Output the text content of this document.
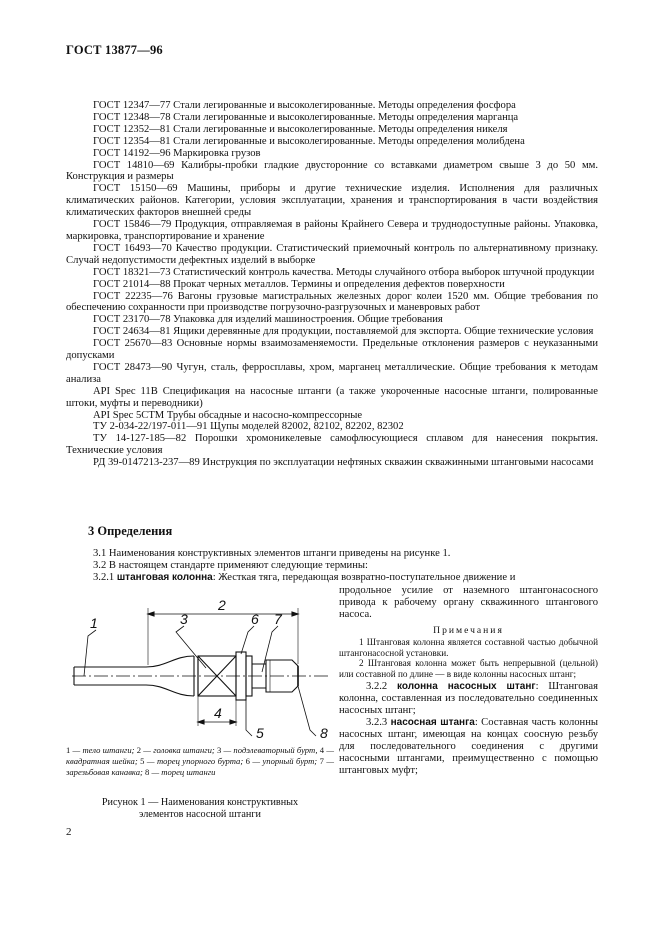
ГОСТ 13877—96

ГОСТ 12347—77 Стали легированные и высоколегированные. Методы определения фосфора

ГОСТ 12348—78 Стали легированные и высоколегированные. Методы определения марганца

ГОСТ 12352—81 Стали легированные и высоколегированные. Методы определения никеля

ГОСТ 12354—81 Стали легированные и высоколегированные. Методы определения молибдена

ГОСТ 14192—96 Маркировка грузов

ГОСТ 14810—69 Калибры-пробки гладкие двусторонние со вставками диаметром свыше 3 до 50 мм. Конструкция и размеры

ГОСТ 15150—69 Машины, приборы и другие технические изделия. Исполнения для различных климатических районов. Категории, условия эксплуатации, хранения и транспортирования в части воздействия климатических факторов внешней среды

ГОСТ 15846—79 Продукция, отправляемая в районы Крайнего Севера и труднодоступные районы. Упаковка, маркировка, транспортирование и хранение

ГОСТ 16493—70 Качество продукции. Статистический приемочный контроль по альтернативному признаку. Случай недопустимости дефектных изделий в выборке

ГОСТ 18321—73 Статистический контроль качества. Методы случайного отбора выборок штучной продукции

ГОСТ 21014—88 Прокат черных металлов. Термины и определения дефектов поверхности

ГОСТ 22235—76 Вагоны грузовые магистральных железных дорог колеи 1520 мм. Общие требования по обеспечению сохранности при производстве погрузочно-разгрузочных и маневровых работ

ГОСТ 23170—78 Упаковка для изделий машиностроения. Общие требования

ГОСТ 24634—81 Ящики деревянные для продукции, поставляемой для экспорта. Общие технические условия

ГОСТ 25670—83 Основные нормы взаимозаменяемости. Предельные отклонения размеров с неуказанными допусками

ГОСТ 28473—90 Чугун, сталь, ферросплавы, хром, марганец металлические. Общие требования к методам анализа

API Spec 11B Спецификация на насосные штанги (а также укороченные насосные штанги, полированные штоки, муфты и переводники)

API Spec 5CTM Трубы обсадные и насосно-компрессорные

ТУ 2-034-22/197-011—91 Щупы моделей 82002, 82102, 82202, 82302

ТУ 14-127-185—82 Порошки хромоникелевые самофлюсующиеся сплавом для нанесения покрытия. Технические условия

РД 39-0147213-237—89 Инструкция по эксплуатации нефтяных скважин скважинными штанговыми насосами

3 Определения

3.1 Наименования конструктивных элементов штанги приведены на рисунке 1.

3.2 В настоящем стандарте применяют следующие термины:

3.2.1 штанговая колонна: Жесткая тяга, передающая возвратно-поступательное движение и

продольное усилие от наземного штангонасосного привода к рабочему органу скважинного штангового насоса.

Примечания

1 Штанговая колонна является составной частью добычной штангонасосной установки.

2 Штанговая колонна может быть непрерывной (цельной) или составной по длине — в виде колонны насосных штанг;

3.2.2 колонна насосных штанг: Штанговая колонна, составленная из последовательно соединенных насосных штанг;

3.2.3 насосная штанга: Составная часть колонны насосных штанг, имеющая на концах соосную резьбу для последовательного соединения с другими насосными штангами, преимущественно с помощью штанговых муфт;

1
2
3
4
5
6 7
8
1 — тело штанги; 2 — головка штанги; 3 — подэлеваторный бурт, 4 — квадратная шейка; 5 — торец упорного бурта; 6 — упорный бурт; 7 — зарезьбовая канавка; 8 — торец штанги
Рисунок 1 — Наименования конструктивных
элементов насосной штанги
2
